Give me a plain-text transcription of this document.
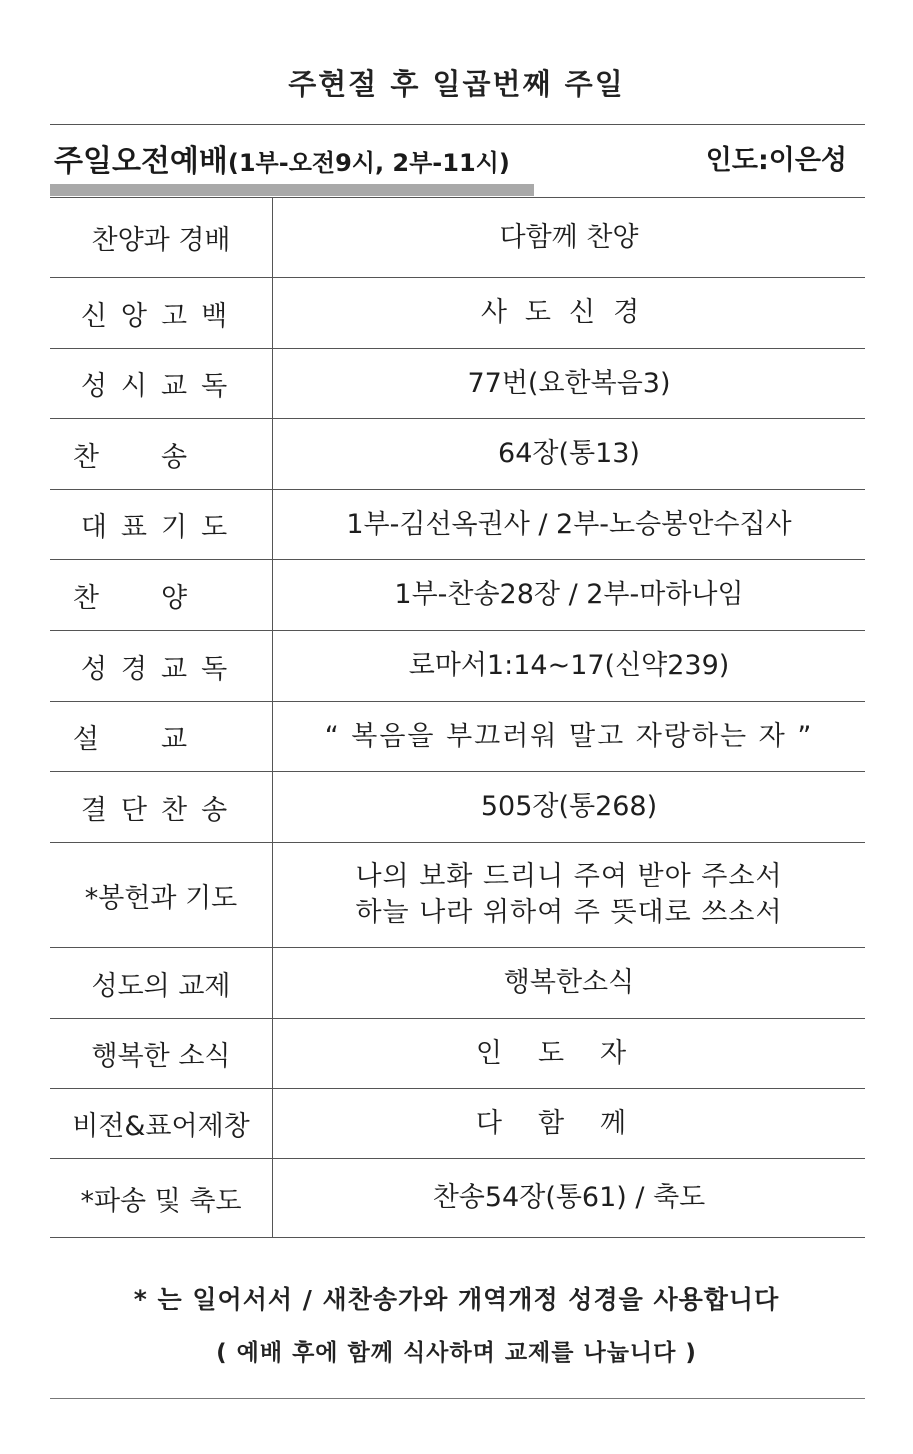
주현절 후 일곱번째 주일
주일오전예배(1부-오전9시, 2부-11시)	인도:이은성
찬양과 경배	다함께 찬양
신앙고백	사도신경
성시교독	77번(요한복음3)
찬송	64장(통13)
대표기도	1부-김선옥권사 / 2부-노승봉안수집사
찬양	1부-찬송28장 / 2부-마하나임
성경교독	로마서1:14~17(신약239)
설교	“ 복음을 부끄러워 말고 자랑하는 자 ”
결단찬송	505장(통268)
*봉헌과 기도	나의 보화 드리니 주여 받아 주소서
하늘 나라 위하여 주 뜻대로 쓰소서

성도의 교제	행복한소식
행복한 소식	인도자
비전&표어제창	다함께
*파송 및 축도	찬송54장(통61) / 축도
* 는 일어서서 / 새찬송가와 개역개정 성경을 사용합니다
( 예배 후에 함께 식사하며 교제를 나눕니다 )
